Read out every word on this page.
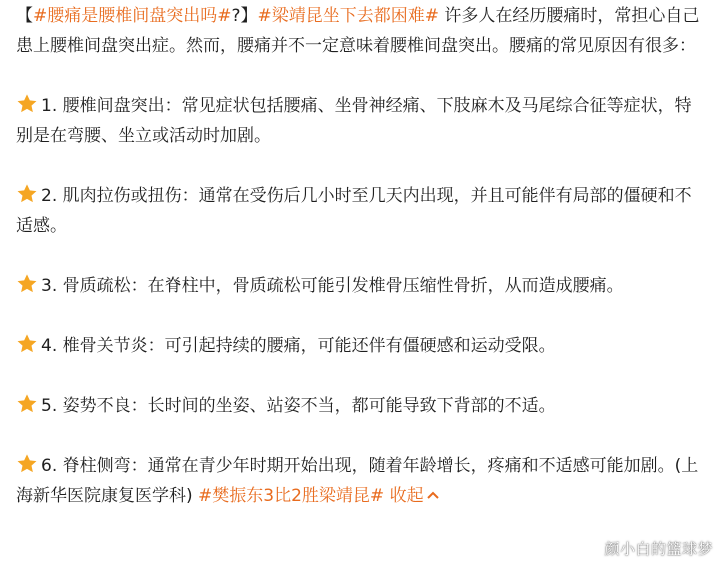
【#腰痛是腰椎间盘突出吗#?】#梁靖昆坐下去都困难# 许多人在经历腰痛时，常担心自己患上腰椎间盘突出症。然而，腰痛并不一定意味着腰椎间盘突出。腰痛的常见原因有很多：

1. 腰椎间盘突出：常见症状包括腰痛、坐骨神经痛、下肢麻木及马尾综合征等症状，特别是在弯腰、坐立或活动时加剧。

2. 肌肉拉伤或扭伤：通常在受伤后几小时至几天内出现，并且可能伴有局部的僵硬和不适感。

3. 骨质疏松：在脊柱中，骨质疏松可能引发椎骨压缩性骨折，从而造成腰痛。

4. 椎骨关节炎：可引起持续的腰痛，可能还伴有僵硬感和运动受限。

5. 姿势不良：长时间的坐姿、站姿不当，都可能导致下背部的不适。

6. 脊柱侧弯：通常在青少年时期开始出现，随着年龄增长，疼痛和不适感可能加剧。(上海新华医院康复医学科) #樊振东3比2胜梁靖昆# 收起

颜小白的篮球梦
